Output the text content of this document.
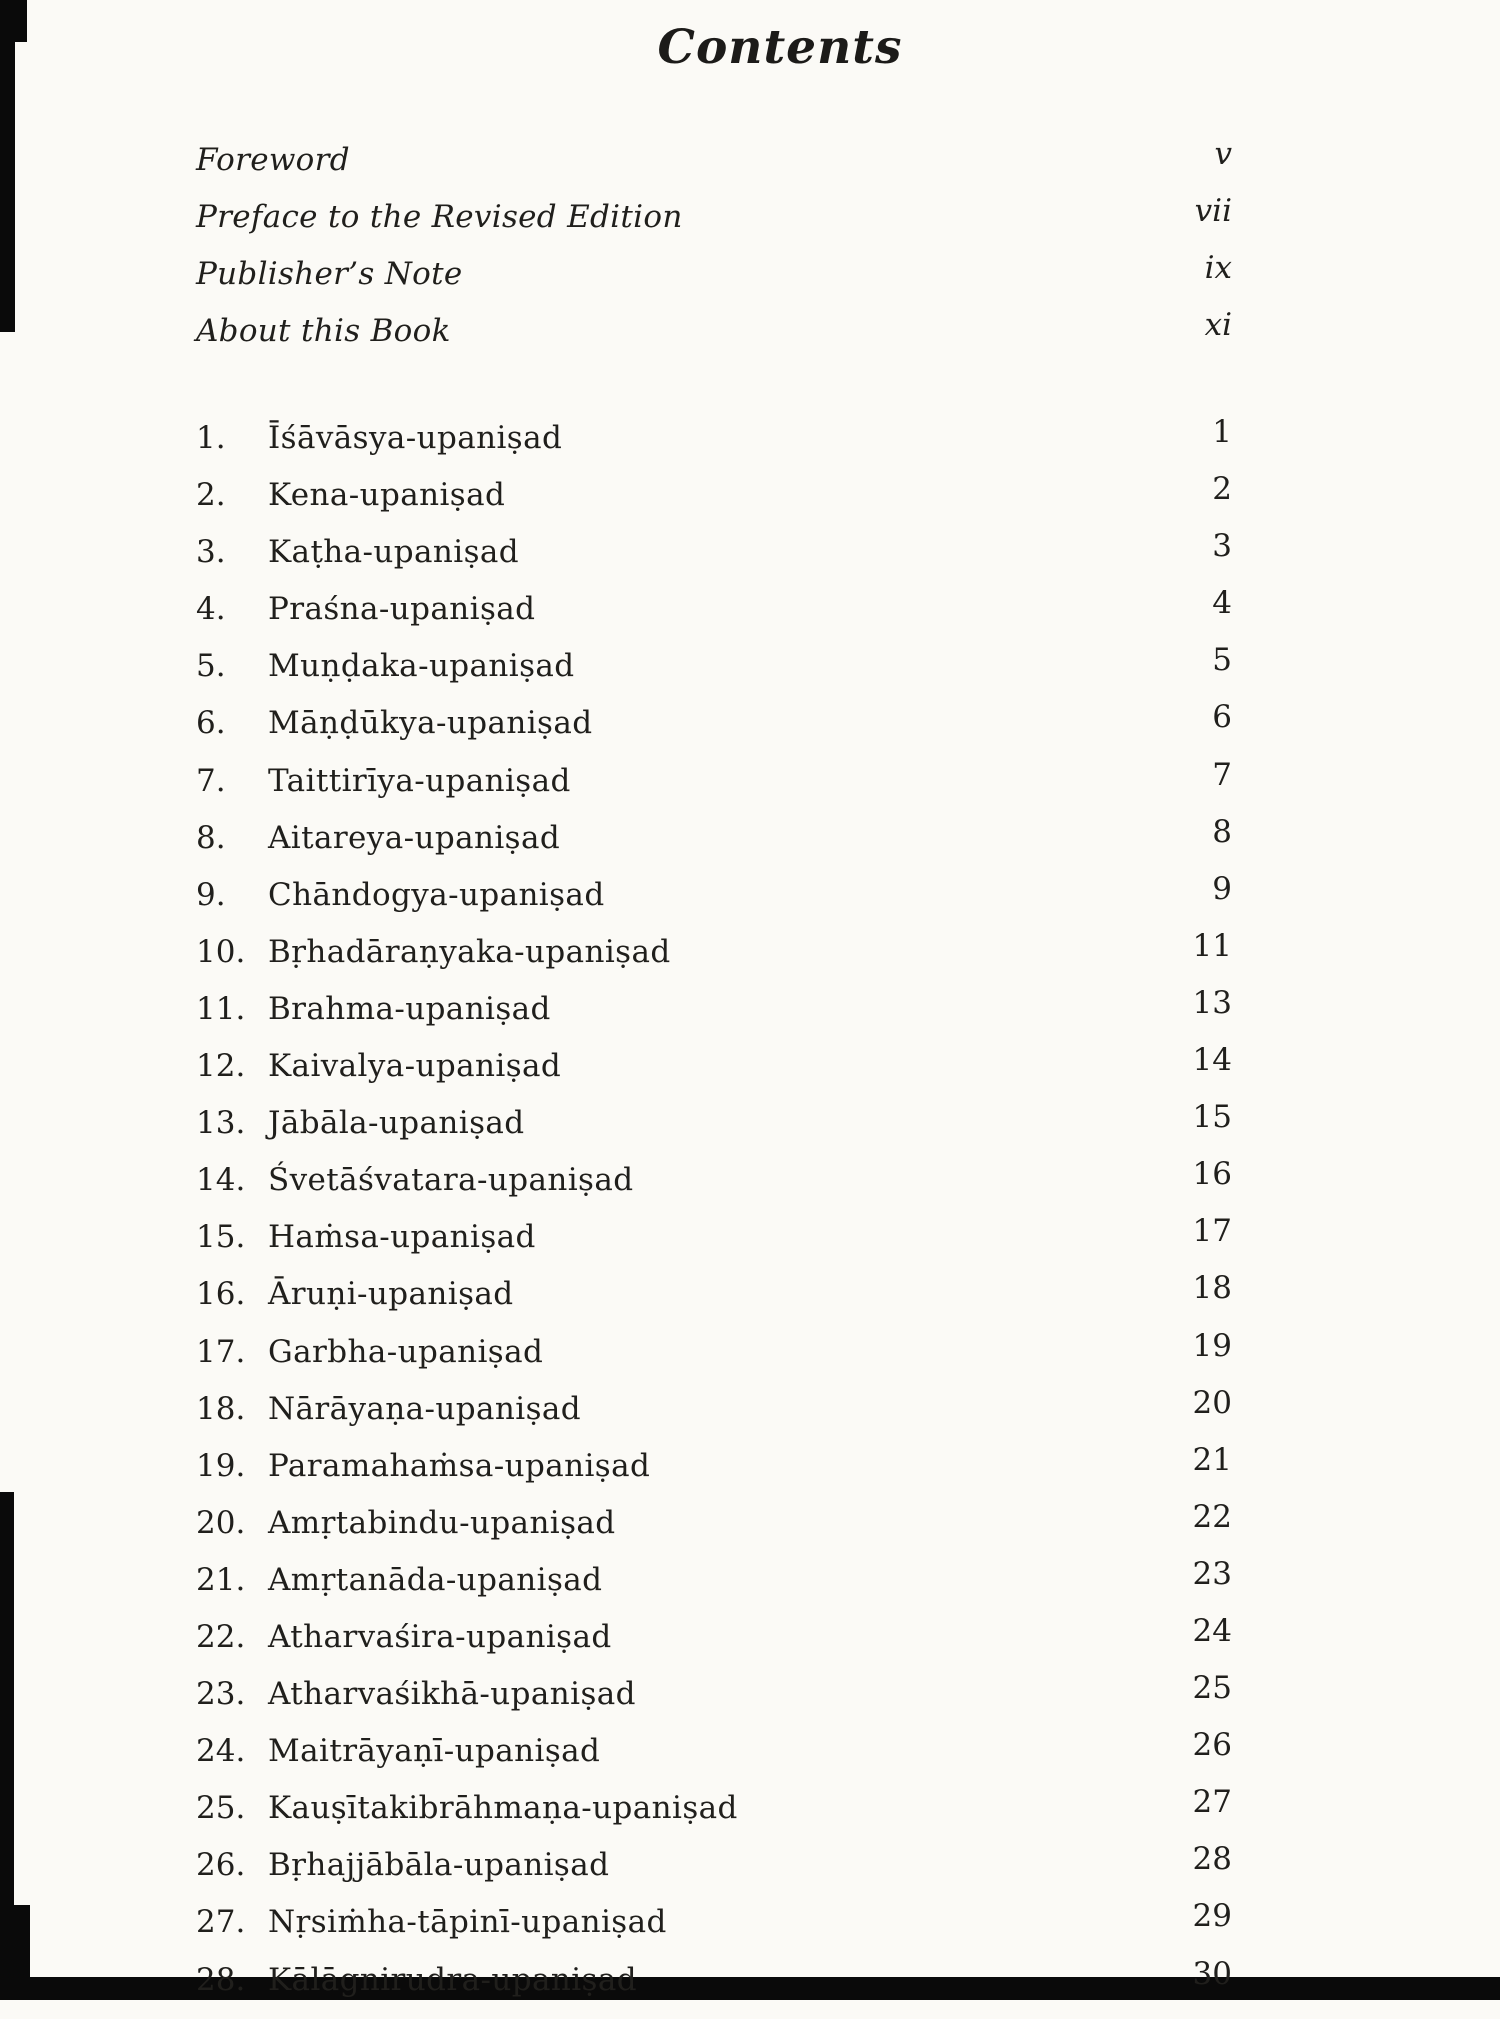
Contents
Foreword	v
Preface to the Revised Edition	vii
Publisher’s Note	ix
About this Book	xi
1.	Īśāvāsya-upaniṣad	1
2.	Kena-upaniṣad	2
3.	Kaṭha-upaniṣad	3
4.	Praśna-upaniṣad	4
5.	Muṇḍaka-upaniṣad	5
6.	Māṇḍūkya-upaniṣad	6
7.	Taittirīya-upaniṣad	7
8.	Aitareya-upaniṣad	8
9.	Chāndogya-upaniṣad	9
10. Bṛhadāraṇyaka-upaniṣad	11
11. Brahma-upaniṣad	13
12. Kaivalya-upaniṣad	14
13. Jābāla-upaniṣad	15
14. Śvetāśvatara-upaniṣad	16
15. Haṁsa-upaniṣad	17
16. Āruṇi-upaniṣad	18
17. Garbha-upaniṣad	19
18. Nārāyaṇa-upaniṣad	20
19. Paramahaṁsa-upaniṣad	21
20. Amṛtabindu-upaniṣad	22
21. Amṛtanāda-upaniṣad	23
22. Atharvaśira-upaniṣad	24
23. Atharvaśikhā-upaniṣad	25
24. Maitrāyaṇī-upaniṣad	26
25. Kauṣītakibrāhmaṇa-upaniṣad	27
26. Bṛhajjābāla-upaniṣad	28
27. Nṛsiṁha-tāpinī-upaniṣad	29
28. Kālāgnirudra-upaniṣad	30
